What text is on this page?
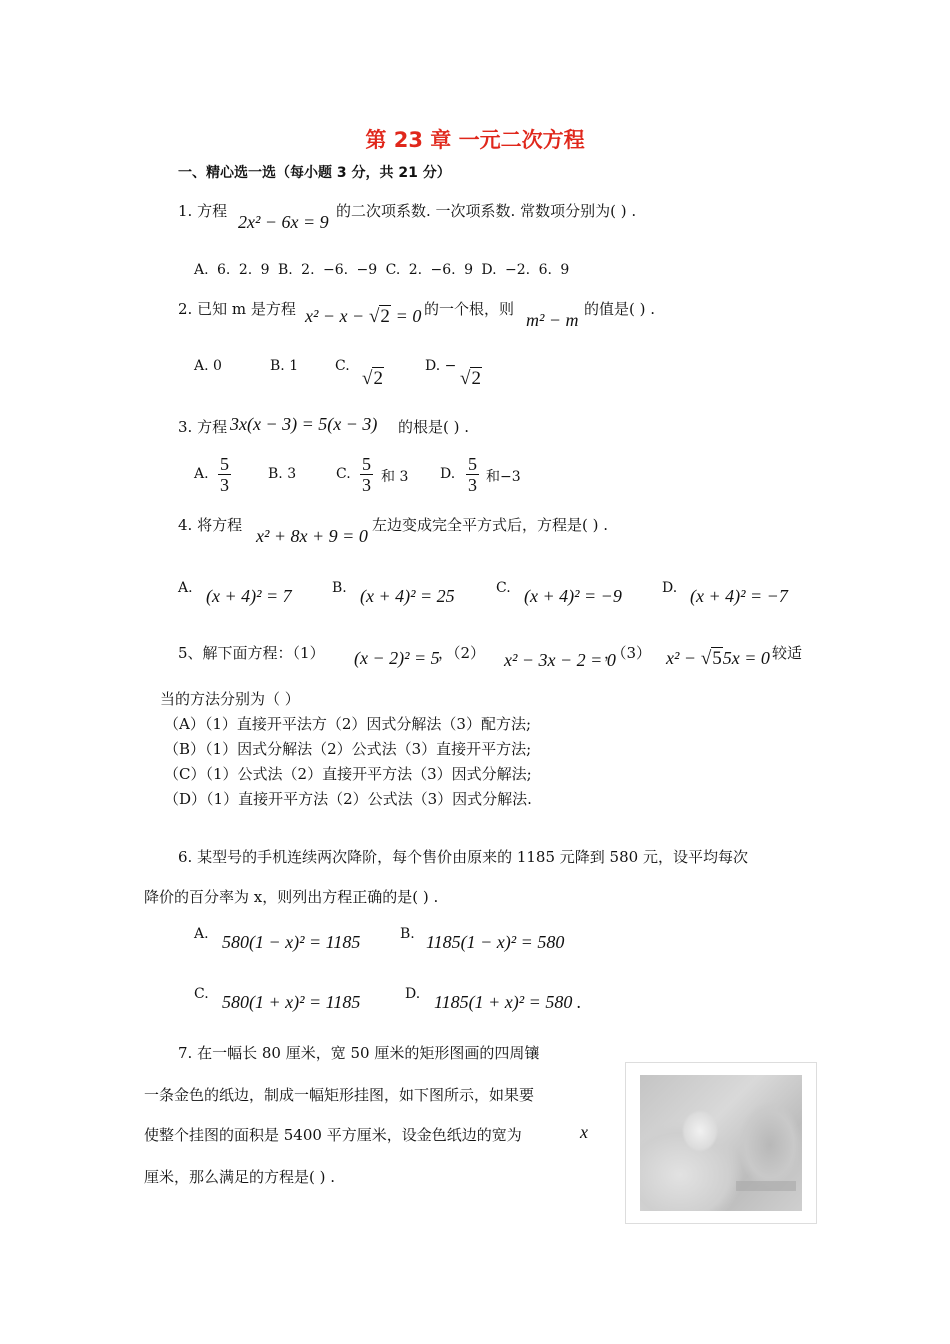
第 23 章 一元二次方程
一、精心选一选（每小题 3 分，共 21 分）
1. 方程
2x² − 6x = 9
的二次项系数. 一次项系数. 常数项分别为( ) .
A. 6. 2. 9 B. 2. −6. −9 C. 2. −6. 9 D. −2. 6. 9
2. 已知 m 是方程 x² − x − √2 = 0 的一个根，则
m² − m
的值是( ) .
A. 0	B. 1	C.
√2
D. −
√2
3. 方程 3x(x − 3) = 5(x − 3) 的根是( ) .
A. $\frac{5}{3}$	B. 3	C. $\frac{5}{3}$ 和 3 D. $\frac{5}{3}$ 和−3
4. 将方程
x² + 8x + 9 = 0
左边变成完全平方式后，方程是( ) .
A. (x + 4)² = 7	B. (x + 4)² = 25	C. (x + 4)² = −9	D. (x + 4)² = −7
5、解下面方程：（1） (x − 2)² = 5
，（2） x² − 3x − 2 = 0
，（3） x² − √55x = 0 较适
当的方法分别为（ ）
（A）（1）直接开平法方（2）因式分解法（3）配方法;
（B）（1）因式分解法（2）公式法（3）直接开平方法;
（C）（1）公式法（2）直接开平方法（3）因式分解法;
（D）（1）直接开平方法（2）公式法（3）因式分解法.
6. 某型号的手机连续两次降阶，每个售价由原来的 1185 元降到 580 元，设平均每次
降价的百分率为 x，则列出方程正确的是( ) .
A. 580(1 − x)² = 1185	B. 1185(1 − x)² = 580
C. 580(1 + x)² = 1185	D. 1185(1 + x)² = 580 .
7. 在一幅长 80 厘米，宽 50 厘米的矩形图画的四周镶
一条金色的纸边，制成一幅矩形挂图，如下图所示，如果要
使整个挂图的面积是 5400 平方厘米，设金色纸边的宽为	x
厘米，那么满足的方程是( ) .
